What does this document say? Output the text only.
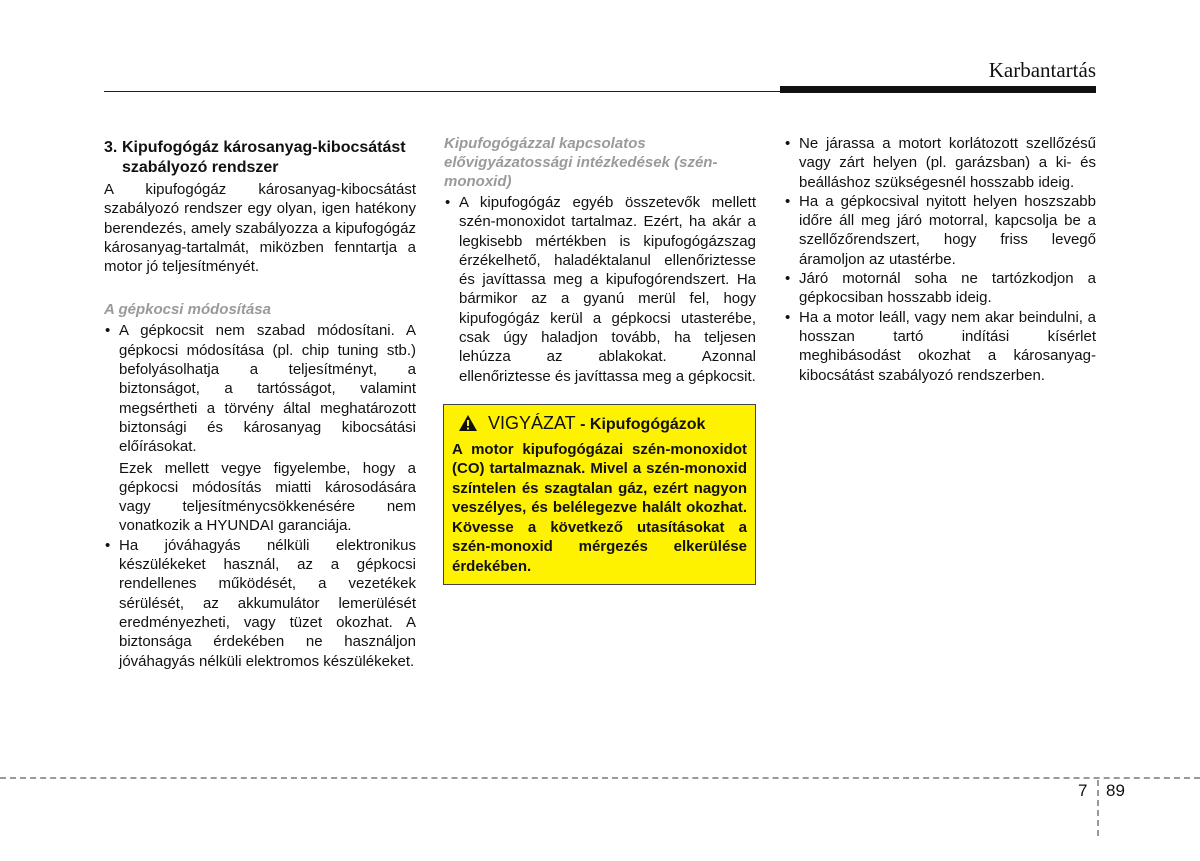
Karbantartás
3. Kipufogógáz károsanyag-kibocsátást szabályozó rendszer

A kipufogógáz károsanyag-kibocsátást szabályozó rendszer egy olyan, igen hatékony berendezés, amely szabályozza a kipufogógáz károsanyag-tartalmát, miközben fenntartja a motor jó teljesítményét.

A gépkocsi módosítása
• A gépkocsit nem szabad módosítani. A gépkocsi módosítása (pl. chip tuning stb.) befolyásolhatja a teljesítményt, a biztonságot, a tartósságot, valamint megsértheti a törvény által meghatározott biztonsági és károsanyag kibocsátási előírásokat.
Ezek mellett vegye figyelembe, hogy a gépkocsi módosítás miatti károsodására vagy teljesítménycsökkenésére nem vonatkozik a HYUNDAI garanciája.
• Ha jóváhagyás nélküli elektronikus készülékeket használ, az a gépkocsi rendellenes működését, a vezetékek sérülését, az akkumulátor lemerülését eredményezheti, vagy tüzet okozhat. A biztonsága érdekében ne használjon jóváhagyás nélküli elektromos készülékeket.
Kipufogógázzal kapcsolatos elővigyázatossági intézkedések (szén-monoxid)
• A kipufogógáz egyéb összetevők mellett szén-monoxidot tartalmaz. Ezért, ha akár a legkisebb mértékben is kipufogógázszag érzékelhető, haladéktalanul ellenőriztesse és javíttassa meg a kipufogórendszert. Ha bármikor az a gyanú merül fel, hogy kipufogógáz kerül a gépkocsi utasterébe, csak úgy haladjon tovább, ha teljesen lehúzza az ablakokat. Azonnal ellenőriztesse és javíttassa meg a gépkocsit.
VIGYÁZAT - Kipufogógázok
A motor kipufogógázai szén-monoxidot (CO) tartalmaznak. Mivel a szén-monoxid színtelen és szagtalan gáz, ezért nagyon veszélyes, és belélegezve halált okozhat. Kövesse a következő utasításokat a szén-monoxid mérgezés elkerülése érdekében.
• Ne járassa a motort korlátozott szellőzésű vagy zárt helyen (pl. garázsban) a ki- és beálláshoz szükségesnél hosszabb ideig.
• Ha a gépkocsival nyitott helyen hoszszabb időre áll meg járó motorral, kapcsolja be a szellőzőrendszert, hogy friss levegő áramoljon az utastérbe.
• Járó motornál soha ne tartózkodjon a gépkocsiban hosszabb ideig.
• Ha a motor leáll, vagy nem akar beindulni, a hosszan tartó indítási kísérlet meghibásodást okozhat a károsanyag-kibocsátást szabályozó rendszerben.
7 89
